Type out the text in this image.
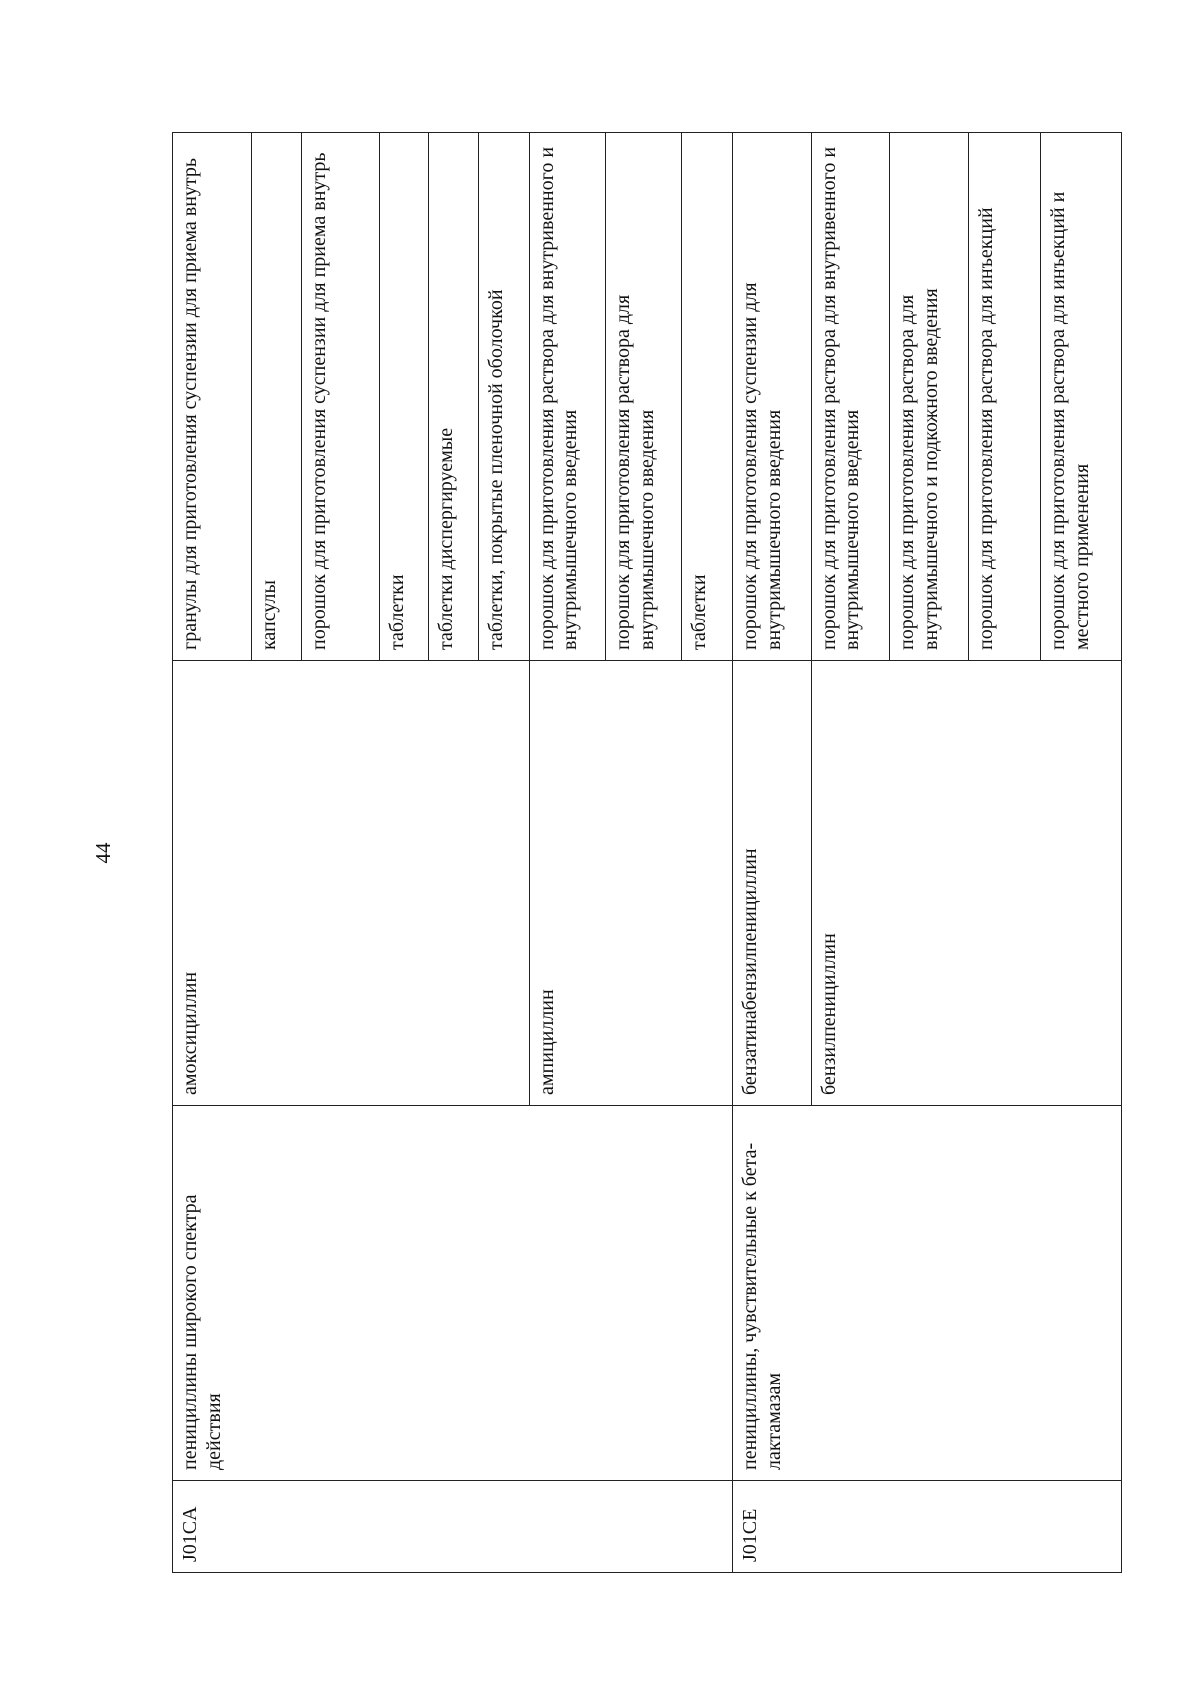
44
J01CA	пенициллины широкого спектра действия	амоксициллин	гранулы для приготовления суспензии для приема внутрь
			капсулы
			порошок для приготовления суспензии для приема внутрь
			таблетки
			таблетки диспергируемые
			таблетки, покрытые пленочной оболочкой
		ампициллин	порошок для приготовления раствора для внутривенного и внутримышечного введения
			порошок для приготовления раствора для внутримышечного введения
			таблетки
J01CE	пенициллины, чувствительные к бета-лактамазам	бензатинабензилпенициллин	порошок для приготовления суспензии для внутримышечного введения
		бензилпенициллин	порошок для приготовления раствора для внутривенного и внутримышечного введения
			порошок для приготовления раствора для внутримышечного и подкожного введения
			порошок для приготовления раствора для инъекций
			порошок для приготовления раствора для инъекций и местного применения
